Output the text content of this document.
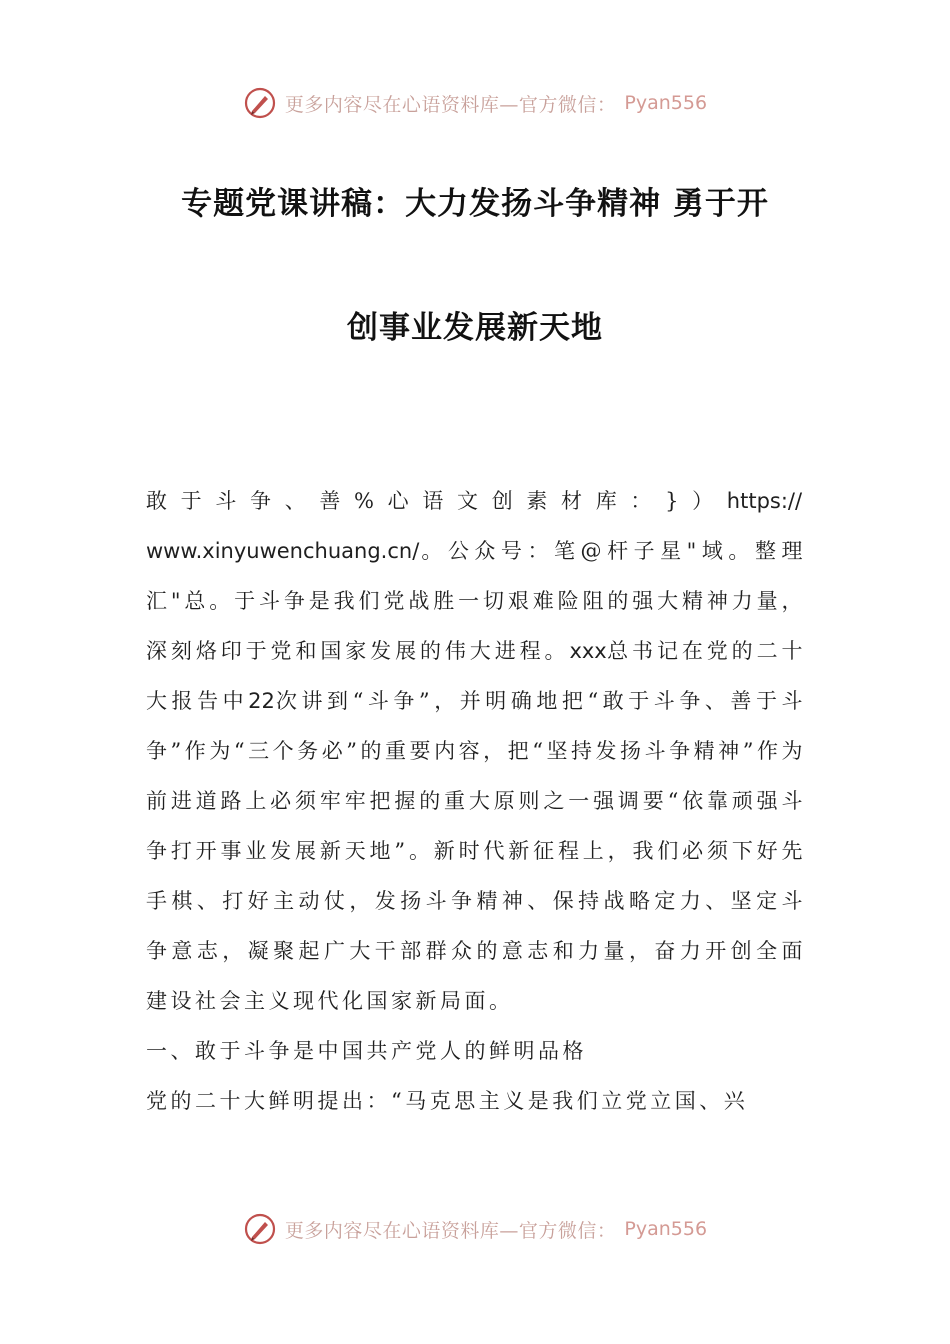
更多内容尽在心语资料库—官方微信： Pyan556
专题党课讲稿：大力发扬斗争精神 勇于开
创事业发展新天地

敢 于 斗 争 、 善 % 心 语 文 创 素 材 库 ： } ） https://
www.xinyuwenchuang.cn/。公众号：笔@杆子星"域。整理汇"总。于斗争是我们党战胜一切艰难险阻的强大精神力量，深刻烙印于党和国家发展的伟大进程。xxx总书记在党的二十大报告中22次讲到“斗争”，并明确地把“敢于斗争、善于斗争”作为“三个务必”的重要内容，把“坚持发扬斗争精神”作为前进道路上必须牢牢把握的重大原则之一强调要“依靠顽强斗争打开事业发展新天地”。新时代新征程上，我们必须下好先手棋、打好主动仗，发扬斗争精神、保持战略定力、坚定斗争意志，凝聚起广大干部群众的意志和力量，奋力开创全面建设社会主义现代化国家新局面。

一、敢于斗争是中国共产党人的鲜明品格

党的二十大鲜明提出：“马克思主义是我们立党立国、兴

更多内容尽在心语资料库—官方微信： Pyan556
